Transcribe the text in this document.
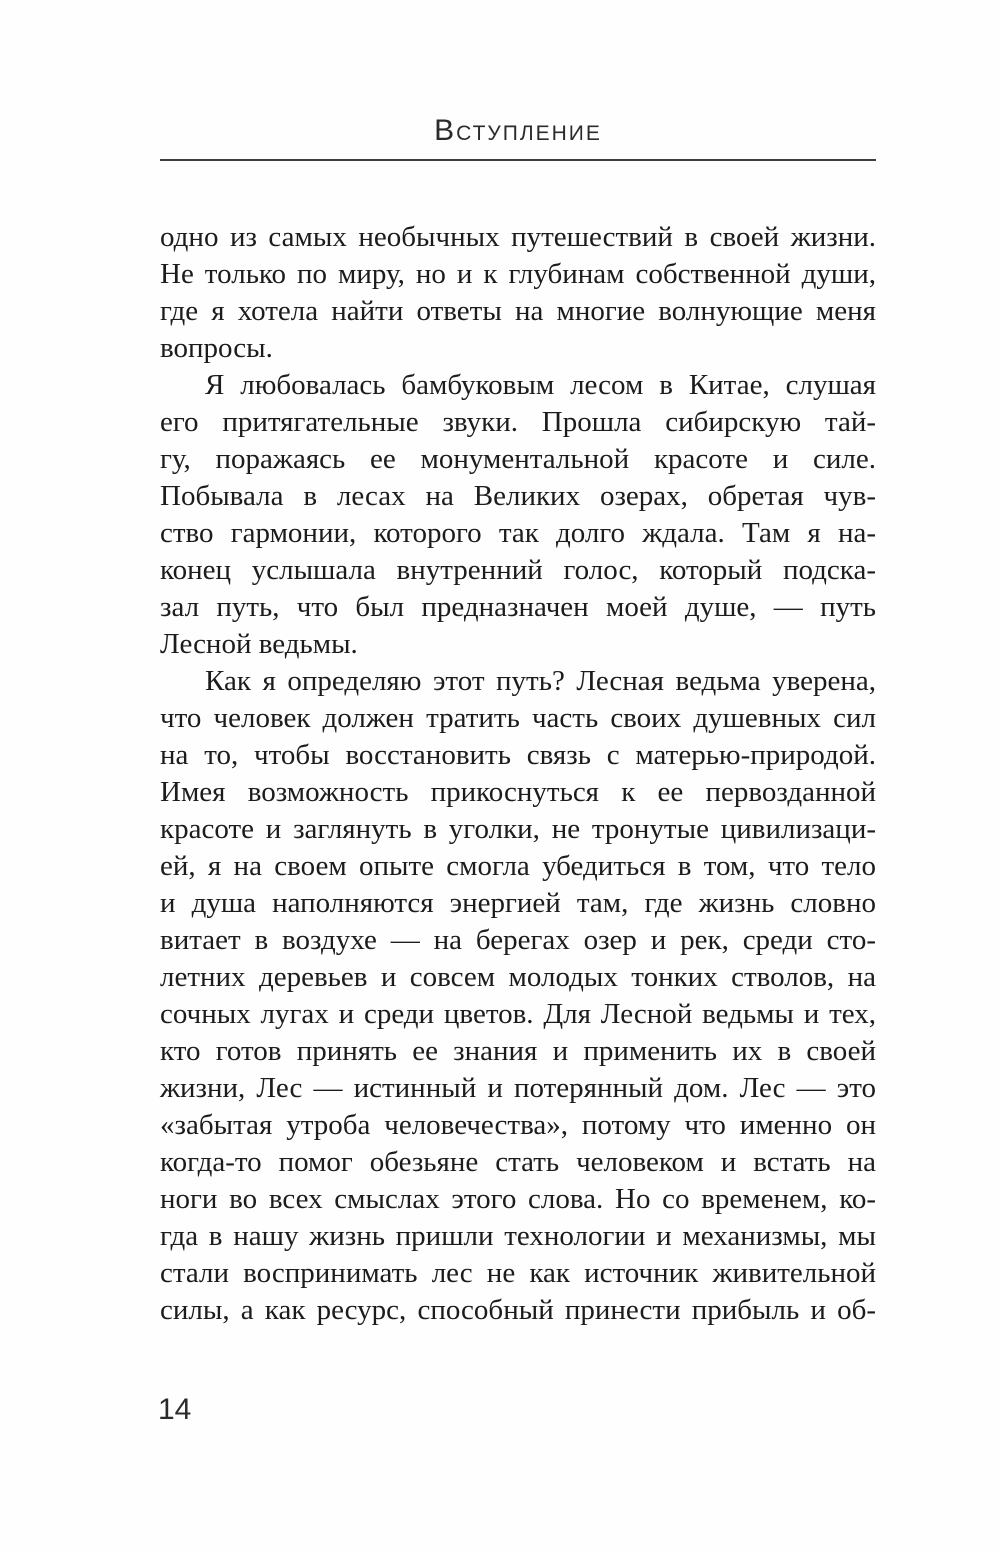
Вступление
одно из самых необычных путешествий в своей жизни.
Не только по миру, но и к глубинам собственной души,
где я хотела найти ответы на многие волнующие меня
вопросы.
Я любовалась бамбуковым лесом в Китае, слушая
его притягательные звуки. Прошла сибирскую тай-
гу, поражаясь ее монументальной красоте и силе.
Побывала в лесах на Великих озерах, обретая чув-
ство гармонии, которого так долго ждала. Там я на-
конец услышала внутренний голос, который подска-
зал путь, что был предназначен моей душе, — путь
Лесной ведьмы.
Как я определяю этот путь? Лесная ведьма уверена,
что человек должен тратить часть своих душевных сил
на то, чтобы восстановить связь с матерью-природой.
Имея возможность прикоснуться к ее первозданной
красоте и заглянуть в уголки, не тронутые цивилизаци-
ей, я на своем опыте смогла убедиться в том, что тело
и душа наполняются энергией там, где жизнь словно
витает в воздухе — на берегах озер и рек, среди сто-
летних деревьев и совсем молодых тонких стволов, на
сочных лугах и среди цветов. Для Лесной ведьмы и тех,
кто готов принять ее знания и применить их в своей
жизни, Лес — истинный и потерянный дом. Лес — это
«забытая утроба человечества», потому что именно он
когда-то помог обезьяне стать человеком и встать на
ноги во всех смыслах этого слова. Но со временем, ко-
гда в нашу жизнь пришли технологии и механизмы, мы
стали воспринимать лес не как источник живительной
силы, а как ресурс, способный принести прибыль и об-
14
